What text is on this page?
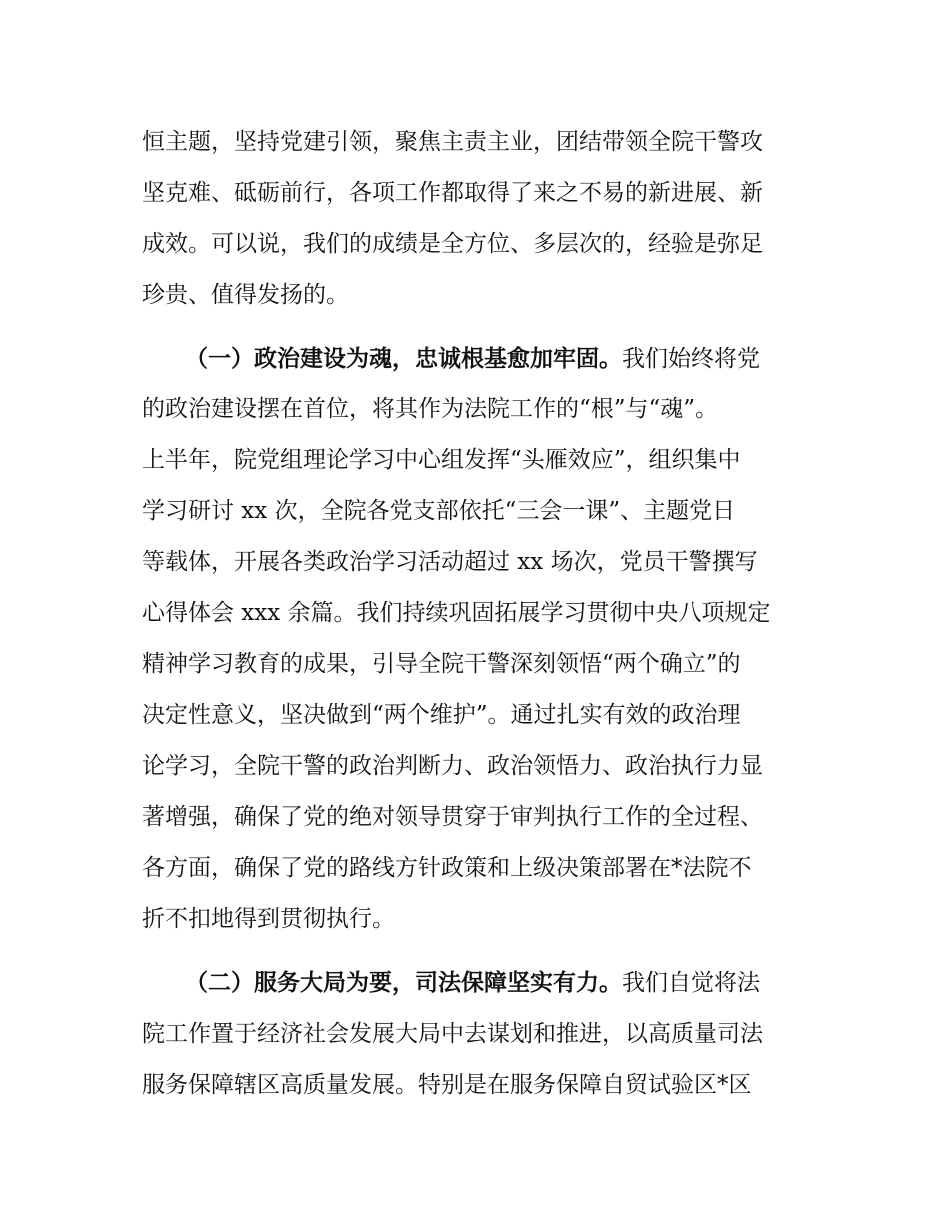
恒主题，坚持党建引领，聚焦主责主业，团结带领全院干警攻
坚克难、砥砺前行，各项工作都取得了来之不易的新进展、新
成效。可以说，我们的成绩是全方位、多层次的，经验是弥足
珍贵、值得发扬的。
（一）政治建设为魂，忠诚根基愈加牢固。我们始终将党
的政治建设摆在首位，将其作为法院工作的“根”与“魂”。
上半年，院党组理论学习中心组发挥“头雁效应”，组织集中
学习研讨 xx 次，全院各党支部依托“三会一课”、主题党日
等载体，开展各类政治学习活动超过 xx 场次，党员干警撰写
心得体会 xxx 余篇。我们持续巩固拓展学习贯彻中央八项规定
精神学习教育的成果，引导全院干警深刻领悟“两个确立”的
决定性意义，坚决做到“两个维护”。通过扎实有效的政治理
论学习，全院干警的政治判断力、政治领悟力、政治执行力显
著增强，确保了党的绝对领导贯穿于审判执行工作的全过程、
各方面，确保了党的路线方针政策和上级决策部署在*法院不
折不扣地得到贯彻执行。
（二）服务大局为要，司法保障坚实有力。我们自觉将法
院工作置于经济社会发展大局中去谋划和推进，以高质量司法
服务保障辖区高质量发展。特别是在服务保障自贸试验区*区
